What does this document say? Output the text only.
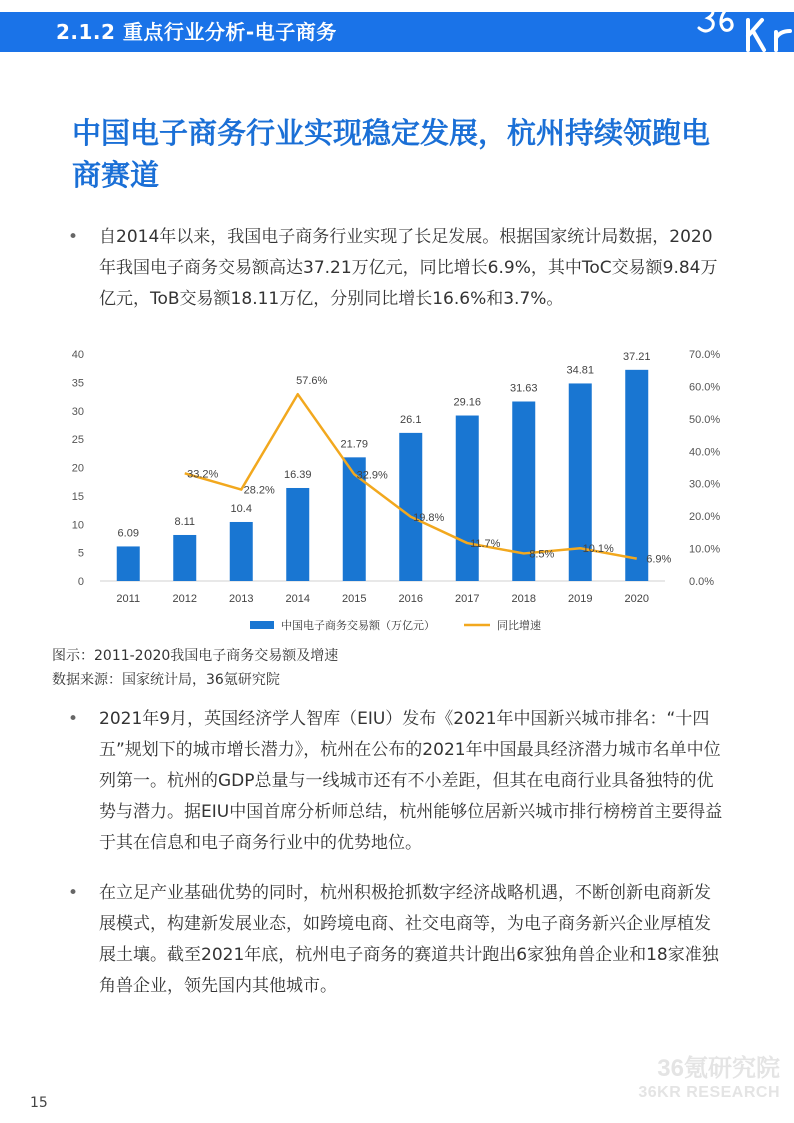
2.1.2 重点行业分析-电子商务
中国电子商务行业实现稳定发展，杭州持续领跑电商赛道
•	自2014年以来，我国电子商务行业实现了长足发展。根据国家统计局数据，2020年我国电子商务交易额高达37.21万亿元，同比增长6.9%，其中ToC交易额9.84万亿元，ToB交易额18.11万亿，分别同比增长16.6%和3.7%。
0
5
10
15
20
25
30
35
40
0.0%
10.0%
20.0%
30.0%
40.0%
50.0%
60.0%
70.0%
6.09
2011
8.11
2012
10.4
2013
16.39
2014
21.79
2015
26.1
2016
29.16
2017
31.63
2018
34.81
2019
37.21
2020
33.2%
28.2%
57.6%
32.9%
19.8%
11.7%
8.5%	10.1%
6.9%
中国电子商务交易额（万亿元）	同比增速
图示：2011-2020我国电子商务交易额及增速
数据来源：国家统计局，36氪研究院
•	2021年9月，英国经济学人智库（EIU）发布《2021年中国新兴城市排名：“十四五”规划下的城市增长潜力》，杭州在公布的2021年中国最具经济潜力城市名单中位列第一。杭州的GDP总量与一线城市还有不小差距，但其在电商行业具备独特的优势与潜力。据EIU中国首席分析师总结，杭州能够位居新兴城市排行榜榜首主要得益于其在信息和电子商务行业中的优势地位。
•	在立足产业基础优势的同时，杭州积极抢抓数字经济战略机遇，不断创新电商新发展模式，构建新发展业态，如跨境电商、社交电商等，为电子商务新兴企业厚植发展土壤。截至2021年底，杭州电子商务的赛道共计跑出6家独角兽企业和18家准独角兽企业，领先国内其他城市。
36氪研究院
36KR RESEARCH
15
